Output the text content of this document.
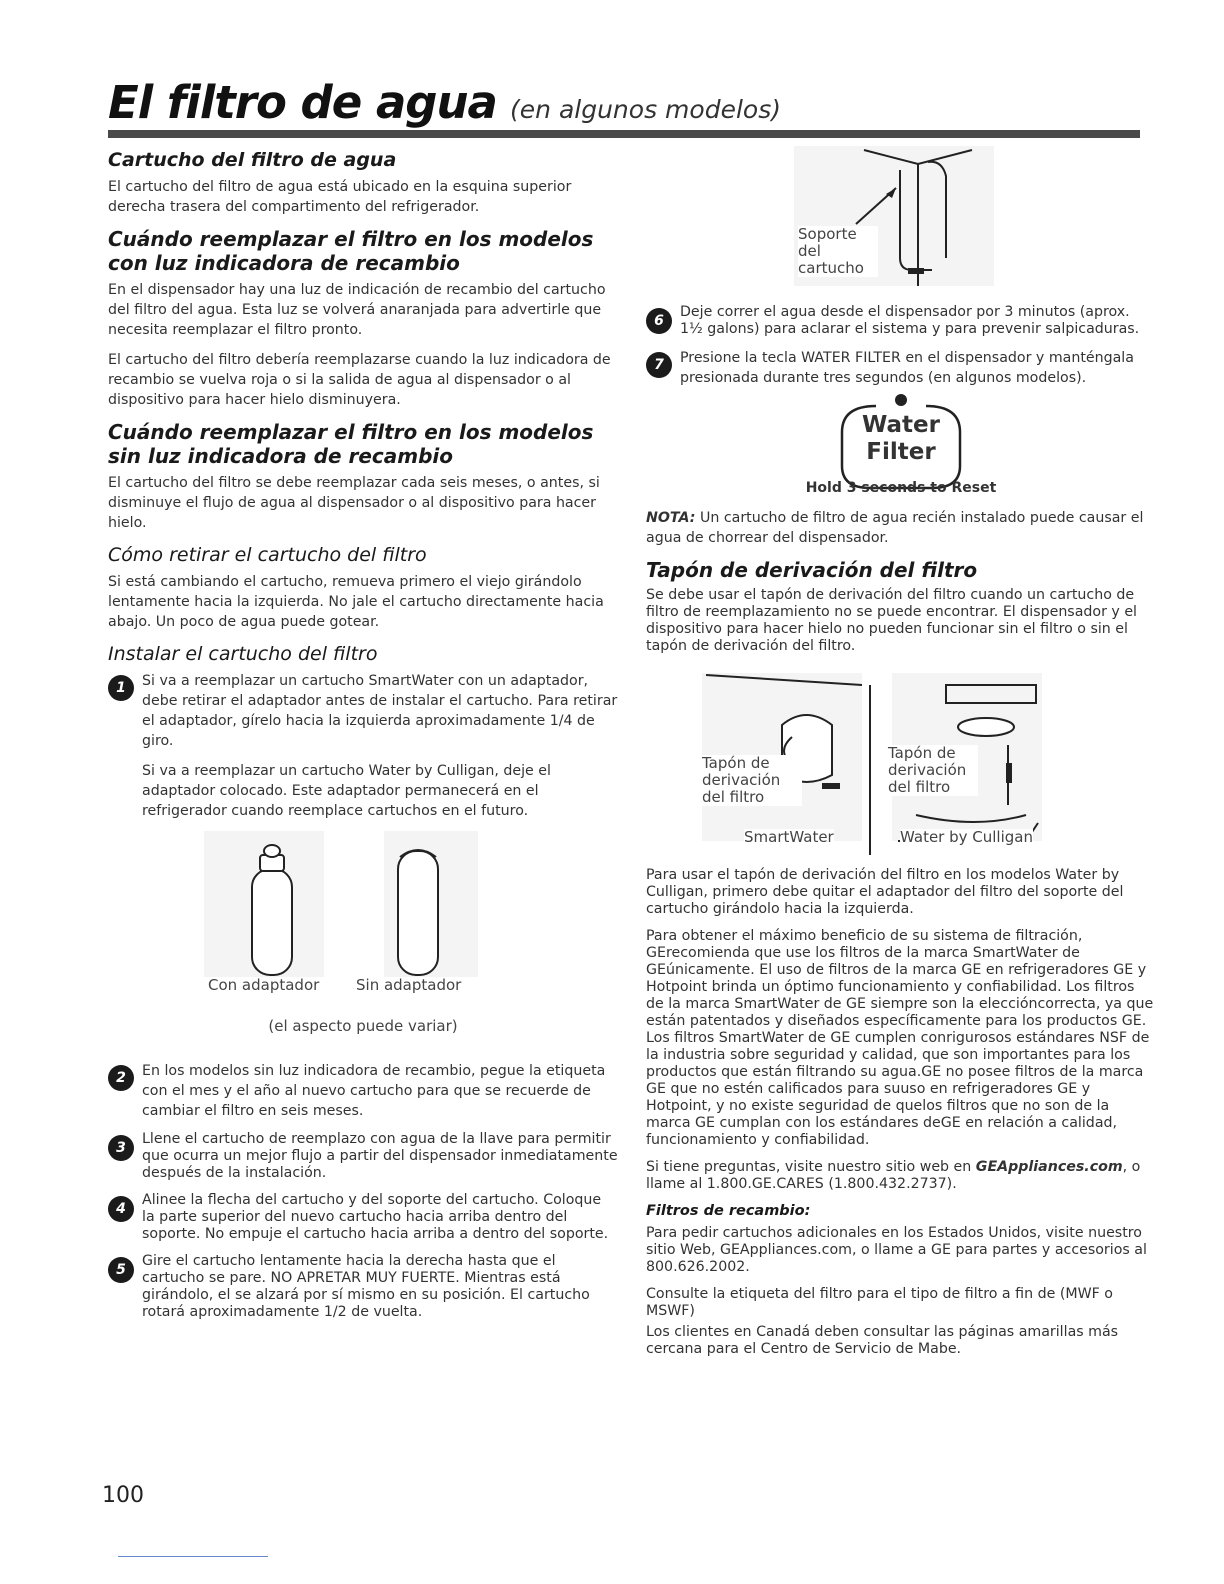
El filtro de agua (en algunos modelos)
Cartucho del filtro de agua

El cartucho del filtro de agua está ubicado en la esquina superior derecha trasera del compartimento del refrigerador.

Cuándo reemplazar el filtro en los modelos con luz indicadora de recambio

En el dispensador hay una luz de indicación de recambio del cartucho del filtro del agua. Esta luz se volverá anaranjada para advertirle que necesita reemplazar el filtro pronto.

El cartucho del filtro debería reemplazarse cuando la luz indicadora de recambio se vuelva roja o si la salida de agua al dispensador o al dispositivo para hacer hielo disminuyera.

Cuándo reemplazar el filtro en los modelos sin luz indicadora de recambio

El cartucho del filtro se debe reemplazar cada seis meses, o antes, si disminuye el flujo de agua al dispensador o al dispositivo para hacer hielo.

Cómo retirar el cartucho del filtro

Si está cambiando el cartucho, remueva primero el viejo girándolo lentamente hacia la izquierda. No jale el cartucho directamente hacia abajo. Un poco de agua puede gotear.

Instalar el cartucho del filtro
1	Si va a reemplazar un cartucho SmartWater con un adaptador, debe retirar el adaptador antes de instalar el cartucho. Para retirar el adaptador, gírelo hacia la izquierda aproximadamente 1/4 de giro.

Si va a reemplazar un cartucho Water by Culligan, deje el adaptador colocado. Este adaptador permanecerá en el refrigerador cuando reemplace cartuchos en el futuro.

Con adaptador Sin adaptador
(el aspecto puede variar)
2	En los modelos sin luz indicadora de recambio, pegue la etiqueta con el mes y el año al nuevo cartucho para que se recuerde de cambiar el filtro en seis meses.

3

Llene el cartucho de reemplazo con agua de la llave para permitir que ocurra un mejor flujo a partir del dispensador inmediatamente después de la instalación.

4

Alinee la flecha del cartucho y del soporte del cartucho. Coloque la parte superior del nuevo cartucho hacia arriba dentro del soporte. No empuje el cartucho hacia arriba a dentro del soporte.

5

Gire el cartucho lentamente hacia la derecha hasta que el cartucho se pare. NO APRETAR MUY FUERTE. Mientras está girándolo, el se alzará por sí mismo en su posición. El cartucho rotará aproximadamente 1/2 de vuelta.

Soporte del cartucho
6

Deje correr el agua desde el dispensador por 3 minutos (aprox. 1½ galons) para aclarar el sistema y para prevenir salpicaduras.

7	Presione la tecla WATER FILTER en el dispensador y manténgala presionada durante tres segundos (en algunos modelos).

Water
Filter
Hold 3 seconds to Reset

NOTA: Un cartucho de filtro de agua recién instalado puede causar el agua de chorrear del dispensador.

Tapón de derivación del filtro

Se debe usar el tapón de derivación del filtro cuando un cartucho de filtro de reemplazamiento no se puede encontrar. El dispensador y el dispositivo para hacer hielo no pueden funcionar sin el filtro o sin el tapón de derivación del filtro.

Tapón de derivación del filtro
Tapón de derivación del filtro
SmartWater	Water by Culligan

Para usar el tapón de derivación del filtro en los modelos Water by Culligan, primero debe quitar el adaptador del filtro del soporte del cartucho girándolo hacia la izquierda.

Para obtener el máximo beneficio de su sistema de filtración, GErecomienda que use los filtros de la marca SmartWater de GEúnicamente. El uso de filtros de la marca GE en refrigeradores GE y Hotpoint brinda un óptimo funcionamiento y confiabilidad. Los filtros de la marca SmartWater de GE siempre son la elecciόncorrecta, ya que están patentados y diseñados específicamente para los productos GE. Los filtros SmartWater de GE cumplen conrigurosos estándares NSF de la industria sobre seguridad y calidad, que son importantes para los productos que están filtrando su agua.GE no posee filtros de la marca GE que no estén calificados para suuso en refrigeradores GE y Hotpoint, y no existe seguridad de quelos filtros que no son de la marca GE cumplan con los estándares deGE en relación a calidad, funcionamiento y confiabilidad.

Si tiene preguntas, visite nuestro sitio web en GEAppliances.com, o llame al 1.800.GE.CARES (1.800.432.2737).

Filtros de recambio:

Para pedir cartuchos adicionales en los Estados Unidos, visite nuestro sitio Web, GEAppliances.com, o llame a GE para partes y accesorios al 800.626.2002.

Consulte la etiqueta del filtro para el tipo de filtro a fin de (MWF o MSWF)

Los clientes en Canadá deben consultar las páginas amarillas más cercana para el Centro de Servicio de Mabe.

100
